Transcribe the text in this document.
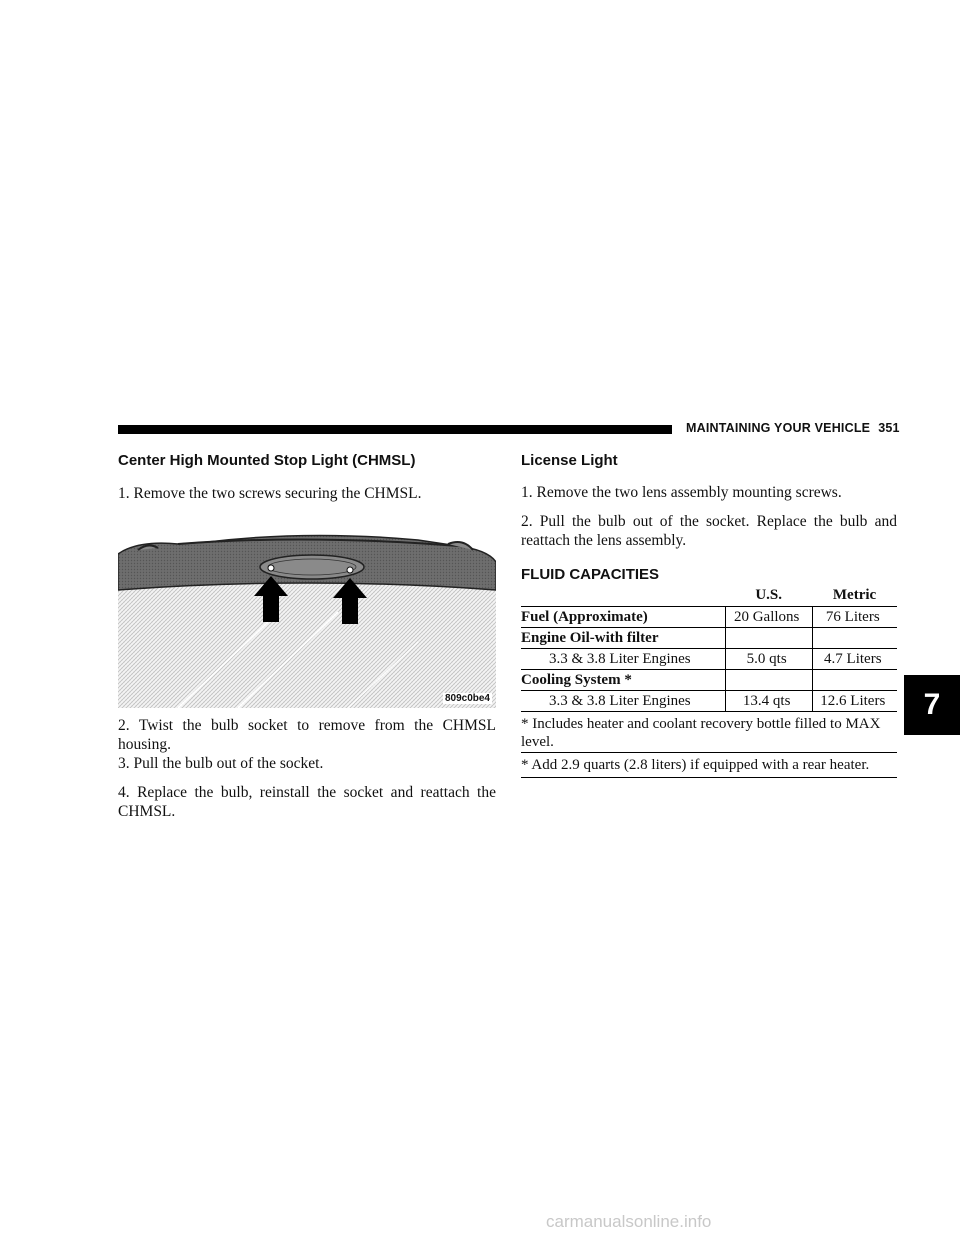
MAINTAINING YOUR VEHICLE 351
Center High Mounted Stop Light (CHMSL)

1. Remove the two screws securing the CHMSL.

809c0be4

2. Twist the bulb socket to remove from the CHMSL housing.

3. Pull the bulb out of the socket.

4. Replace the bulb, reinstall the socket and reattach the CHMSL.

License Light

1. Remove the two lens assembly mounting screws.

2. Pull the bulb out of the socket. Replace the bulb and reattach the lens assembly.

FLUID CAPACITIES
	U.S.	Metric
Fuel (Approximate)	20 Gallons	76 Liters
Engine Oil-with filter		
3.3 & 3.8 Liter Engines	5.0 qts	4.7 Liters
Cooling System *		
3.3 & 3.8 Liter Engines	13.4 qts	12.6 Liters
* Includes heater and coolant recovery bottle filled to MAX level.		
* Add 2.9 quarts (2.8 liters) if equipped with a rear heater.		
7
carmanualsonline.info
